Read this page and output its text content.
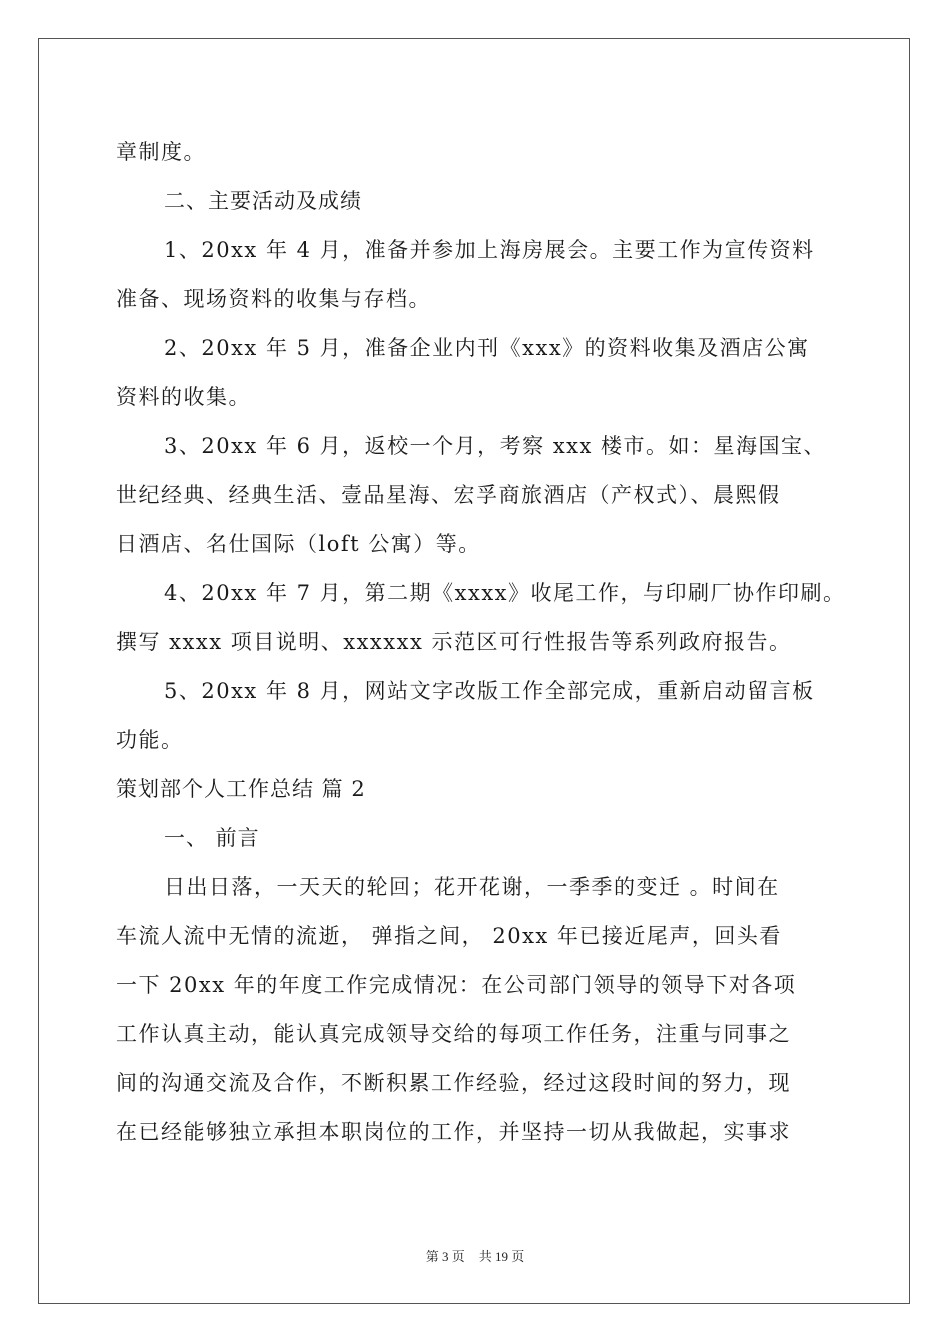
章制度。
二、主要活动及成绩
1、20xx 年 4 月，准备并参加上海房展会。主要工作为宣传资料
准备、现场资料的收集与存档。
2、20xx 年 5 月，准备企业内刊《xxx》的资料收集及酒店公寓
资料的收集。
3、20xx 年 6 月，返校一个月，考察 xxx 楼市。如：星海国宝、
世纪经典、经典生活、壹品星海、宏孚商旅酒店（产权式）、晨熙假
日酒店、名仕国际（loft 公寓）等。
4、20xx 年 7 月，第二期《xxxx》收尾工作，与印刷厂协作印刷。
撰写 xxxx 项目说明、xxxxxx 示范区可行性报告等系列政府报告。
5、20xx 年 8 月，网站文字改版工作全部完成，重新启动留言板
功能。
策划部个人工作总结 篇 2
一、 前言
日出日落，一天天的轮回；花开花谢，一季季的变迁 。时间在
车流人流中无情的流逝， 弹指之间， 20xx 年已接近尾声，回头看
一下 20xx 年的年度工作完成情况：在公司部门领导的领导下对各项
工作认真主动，能认真完成领导交给的每项工作任务，注重与同事之
间的沟通交流及合作，不断积累工作经验，经过这段时间的努力，现
在已经能够独立承担本职岗位的工作，并坚持一切从我做起，实事求
第 3 页 共 19 页
